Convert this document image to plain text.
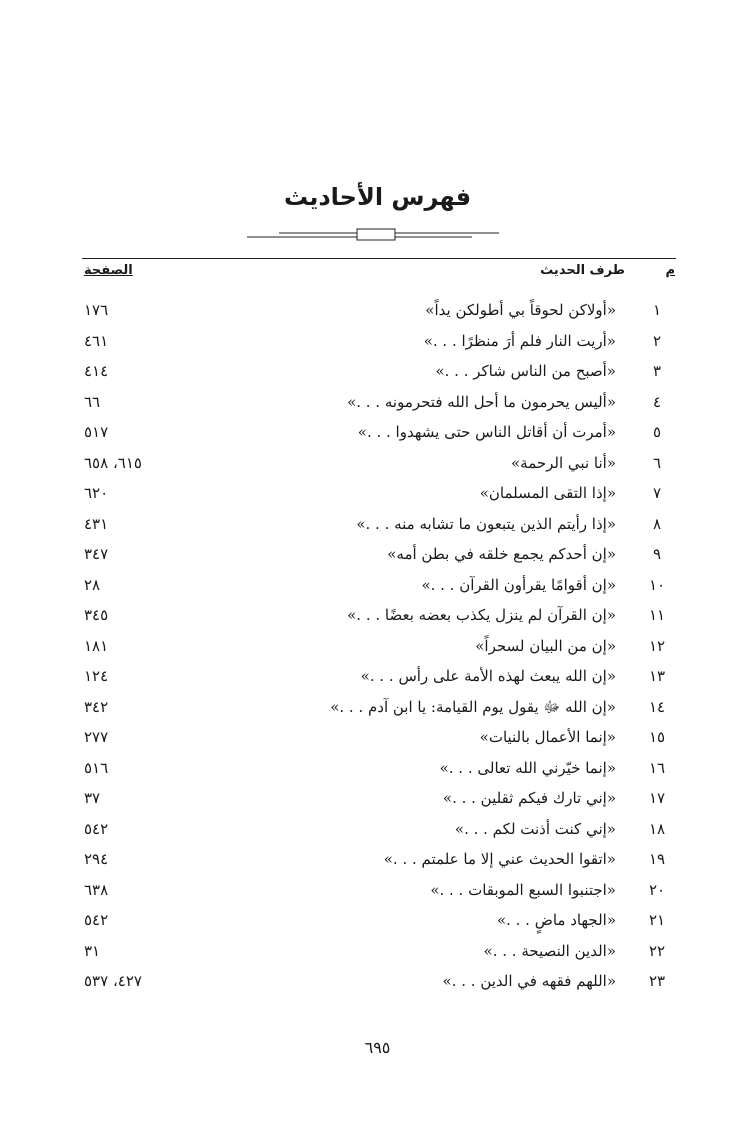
فهرس الأحاديث
م
طرف الحديث
الصفحة
١
«أولاكن لحوقاً بي أطولكن يداً»
١٧٦
٢
«أريت النار فلم أرَ منظرًا . . .»
٤٦١
٣
«أصبح من الناس شاكر . . .»
٤١٤
٤
«أليس يحرمون ما أحل الله فتحرمونه . . .»
٦٦
٥
«أمرت أن أقاتل الناس حتى يشهدوا . . .»
٥١٧
٦
«أنا نبي الرحمة»
٦١٥، ٦٥٨
٧
«إذا التقى المسلمان»
٦٢٠
٨
«إذا رأيتم الذين يتبعون ما تشابه منه . . .»
٤٣١
٩
«إن أحدكم يجمع خلقه في بطن أمه»
٣٤٧
١٠
«إن أقوامًا يقرأون القرآن . . .»
٢٨
١١
«إن القرآن لم ينزل يكذب بعضه بعضًا . . .»
٣٤٥
١٢
«إن من البيان لسحراً»
١٨١
١٣
«إن الله يبعث لهذه الأمة على رأس . . .»
١٢٤
١٤
«إن الله ﷻ يقول يوم القيامة: يا ابن آدم . . .»
٣٤٢
١٥
«إنما الأعمال بالنيات»
٢٧٧
١٦
«إنما خيّرني الله تعالى . . .»
٥١٦
١٧
«إني تارك فيكم ثقلين . . .»
٣٧
١٨
«إني كنت أذنت لكم . . .»
٥٤٢
١٩
«اتقوا الحديث عني إلا ما علمتم . . .»
٢٩٤
٢٠
«اجتنبوا السبع الموبقات . . .»
٦٣٨
٢١
«الجهاد ماضٍ . . .»
٥٤٢
٢٢
«الدين النصيحة . . .»
٣١
٢٣
«اللهم فقهه في الدين . . .»
٤٢٧، ٥٣٧
٦٩٥
